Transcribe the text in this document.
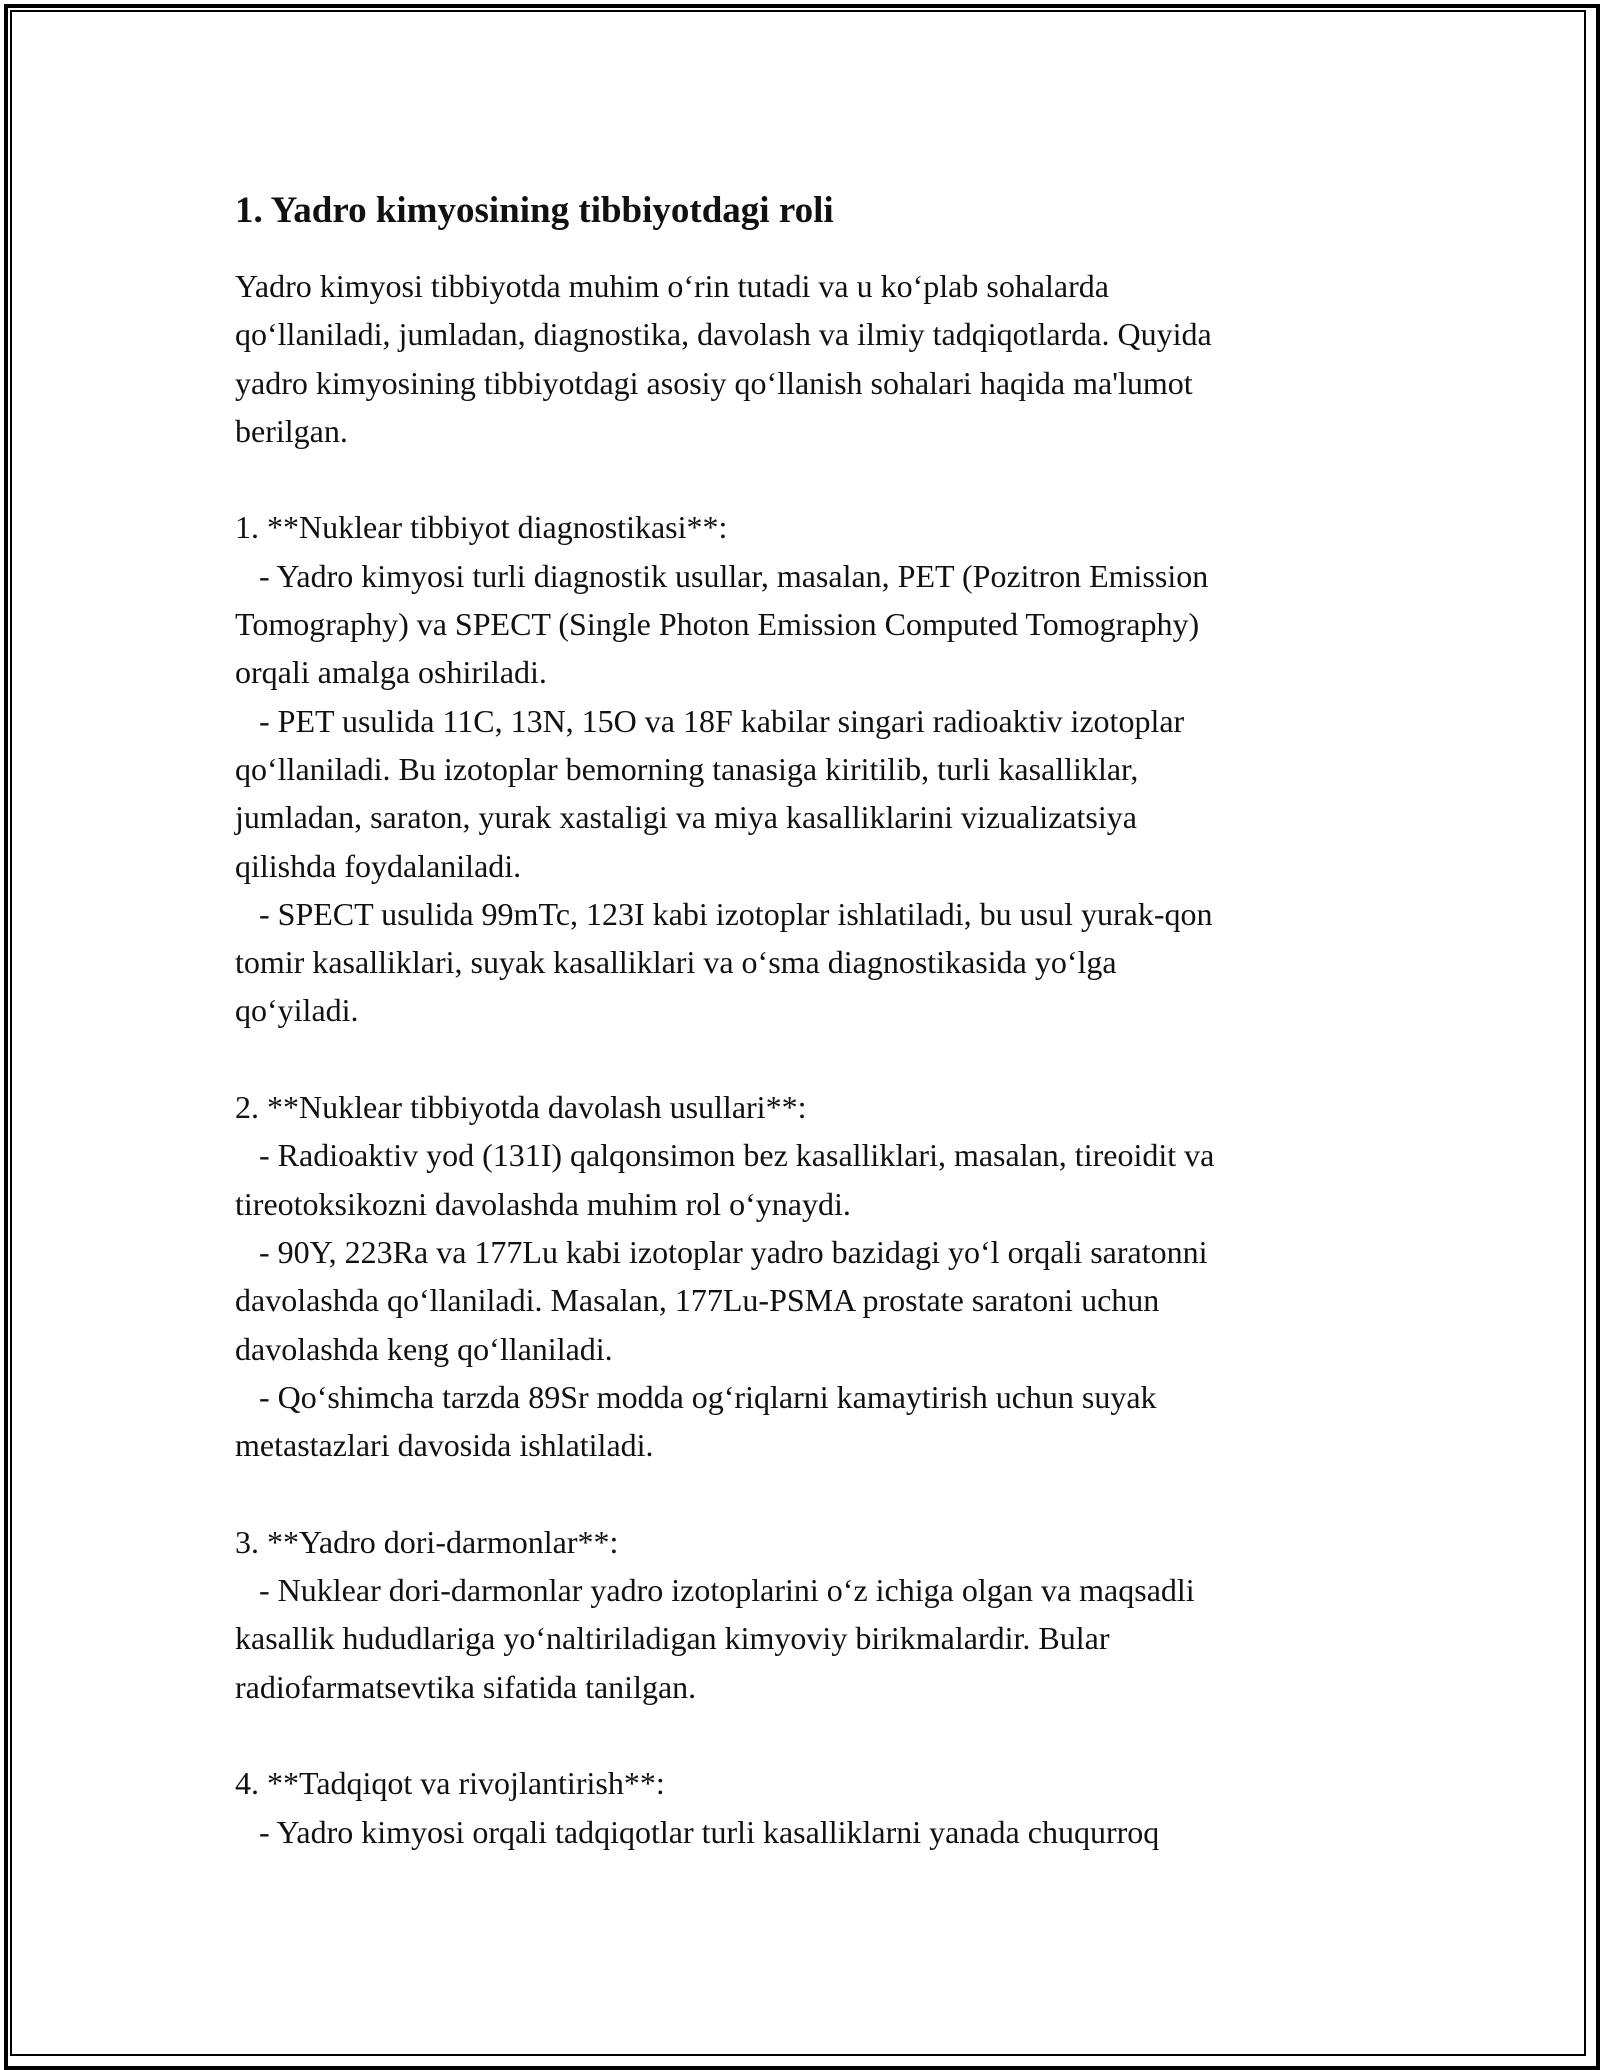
1. Yadro kimyosining tibbiyotdagi roli
Yadro kimyosi tibbiyotda muhim o‘rin tutadi va u ko‘plab sohalarda
qo‘llaniladi, jumladan, diagnostika, davolash va ilmiy tadqiqotlarda. Quyida
yadro kimyosining tibbiyotdagi asosiy qo‘llanish sohalari haqida ma'lumot
berilgan.
1. **Nuklear tibbiyot diagnostikasi**:
- Yadro kimyosi turli diagnostik usullar, masalan, PET (Pozitron Emission
Tomography) va SPECT (Single Photon Emission Computed Tomography)
orqali amalga oshiriladi.
- PET usulida 11C, 13N, 15O va 18F kabilar singari radioaktiv izotoplar
qo‘llaniladi. Bu izotoplar bemorning tanasiga kiritilib, turli kasalliklar,
jumladan, saraton, yurak xastaligi va miya kasalliklarini vizualizatsiya
qilishda foydalaniladi.
- SPECT usulida 99mTc, 123I kabi izotoplar ishlatiladi, bu usul yurak-qon
tomir kasalliklari, suyak kasalliklari va o‘sma diagnostikasida yo‘lga
qo‘yiladi.
2. **Nuklear tibbiyotda davolash usullari**:
- Radioaktiv yod (131I) qalqonsimon bez kasalliklari, masalan, tireoidit va
tireotoksikozni davolashda muhim rol o‘ynaydi.
- 90Y, 223Ra va 177Lu kabi izotoplar yadro bazidagi yo‘l orqali saratonni
davolashda qo‘llaniladi. Masalan, 177Lu-PSMA prostate saratoni uchun
davolashda keng qo‘llaniladi.
- Qo‘shimcha tarzda 89Sr modda og‘riqlarni kamaytirish uchun suyak
metastazlari davosida ishlatiladi.
3. **Yadro dori-darmonlar**:
- Nuklear dori-darmonlar yadro izotoplarini o‘z ichiga olgan va maqsadli
kasallik hududlariga yo‘naltiriladigan kimyoviy birikmalardir. Bular
radiofarmatsevtika sifatida tanilgan.
4. **Tadqiqot va rivojlantirish**:
- Yadro kimyosi orqali tadqiqotlar turli kasalliklarni yanada chuqurroq
